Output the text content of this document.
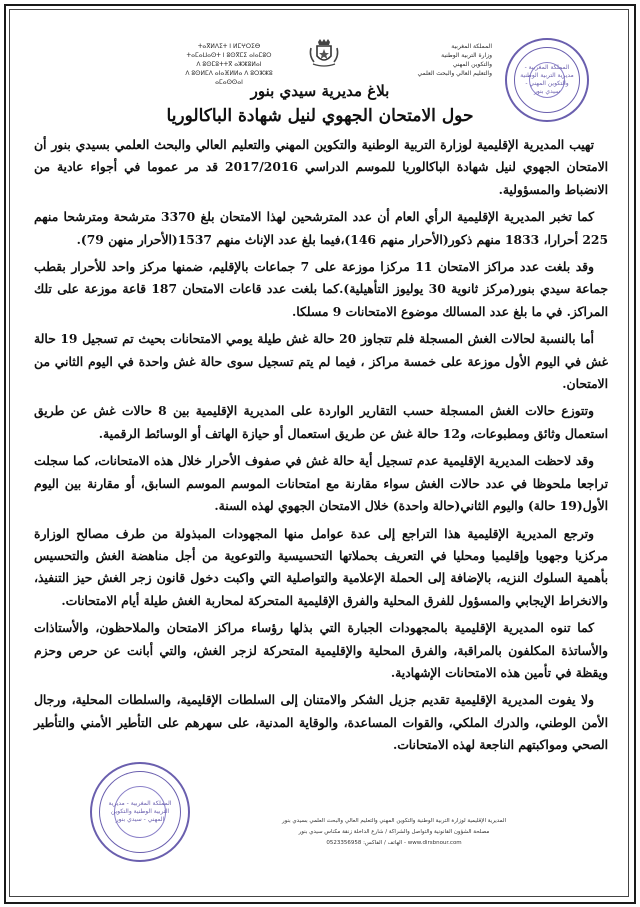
ⵜⴰⴳⵍⴷⵉⵜ ⵏ ⵍⵎⵖⵔⵉⴱ
ⵜⴰⵎⴰⵡⴰⵙⵜ ⵏ ⵓⵙⴳⵎⵉ ⴰⵏⴰⵎⵓⵔ
ⴷ ⵓⵙⵎⵓⵜⵜⴳ ⴰⵣⵣⵓⵍⴰⵏ
ⴷ ⵓⵙⵍⵎⴷ ⴰⵏⴰⴼⵍⵍⴰ ⴷ ⵓⵔⵣⵣⵓ ⴰⵎⴰⵙⵙⴰⵏ
المملكة المغربية
وزارة التربية الوطنية
والتكوين المهني
والتعليم العالي والبحث العلمي
المملكة المغربية - مديرية التربية الوطنية والتكوين المهني - سيدي بنور
بلاغ مديرية سيدي بنور
حول الامتحان الجهوي لنيل شهادة الباكالوريا

تهيب المديرية الإقليمية لوزارة التربية الوطنية والتكوين المهني والتعليم العالي والبحث العلمي بسيدي بنور أن الامتحان الجهوي لنيل شهادة الباكالوريا للموسم الدراسي 2017/2016 قد مر عموما في أجواء عادية من الانضباط والمسؤولية.

كما تخبر المديرية الإقليمية الرأي العام أن عدد المترشحين لهذا الامتحان بلغ 3370 مترشحة ومترشحا منهم 225 أحرارا، 1833 منهم ذكور(الأحرار منهم 146)،فيما بلغ عدد الإناث منهم 1537(الأحرار منهن 79).

وقد بلغت عدد مراكز الامتحان 11 مركزا موزعة على 7 جماعات بالإقليم، ضمنها مركز واحد للأحرار بقطب جماعة سيدي بنور(مركز ثانوية 30 يوليوز التأهيلية).كما بلغت عدد قاعات الامتحان 187 قاعة موزعة على تلك المراكز. في ما بلغ عدد المسالك موضوع الامتحانات 9 مسلكا.

أما بالنسبة لحالات الغش المسجلة فلم تتجاوز 20 حالة غش طيلة يومي الامتحانات بحيث تم تسجيل 19 حالة غش في اليوم الأول موزعة على خمسة مراكز ، فيما لم يتم تسجيل سوى حالة غش واحدة في اليوم الثاني من الامتحان.

وتتوزع حالات الغش المسجلة حسب التقارير الواردة على المديرية الإقليمية بين 8 حالات غش عن طريق استعمال وثائق ومطبوعات، و12 حالة غش عن طريق استعمال أو حيازة الهاتف أو الوسائط الرقمية.

وقد لاحظت المديرية الإقليمية عدم تسجيل أية حالة غش في صفوف الأحرار خلال هذه الامتحانات، كما سجلت تراجعا ملحوظا في عدد حالات الغش سواء مقارنة مع امتحانات الموسم الموسم السابق، أو مقارنة بين اليوم الأول(19 حالة) واليوم الثاني(حالة واحدة) خلال الامتحان الجهوي لهذه السنة.

وترجع المديرية الإقليمية هذا التراجع إلى عدة عوامل منها المجهودات المبذولة من طرف مصالح الوزارة مركزيا وجهويا وإقليميا ومحليا في التعريف بحملاتها التحسيسية والتوعوية من أجل مناهضة الغش والتحسيس بأهمية السلوك النزيه، بالإضافة إلى الحملة الإعلامية والتواصلية التي واكبت دخول قانون زجر الغش حيز التنفيذ، والانخراط الإيجابي والمسؤول للفرق المحلية والفرق الإقليمية المتحركة لمحاربة الغش طيلة أيام الامتحانات.

كما تنوه المديرية الإقليمية بالمجهودات الجبارة التي بذلها رؤساء مراكز الامتحان والملاحظون، والأستاذات والأساتذة المكلفون بالمراقبة، والفرق المحلية والإقليمية المتحركة لزجر الغش، والتي أبانت عن حرص وحزم ويقظة في تأمين هذه الامتحانات الإشهادية.

ولا يفوت المديرية الإقليمية تقديم جزيل الشكر والامتنان إلى السلطات الإقليمية، والسلطات المحلية، ورجال الأمن الوطني، والدرك الملكي، والقوات المساعدة، والوقاية المدنية، على سهرهم على التأطير الأمني والتأطير الصحي ومواكبتهم الناجعة لهذه الامتحانات.

المملكة المغربية - مديرية التربية الوطنية والتكوين المهني - سيدي بنور	المديرية الإقليمية لوزارة التربية الوطنية والتكوين المهني والتعليم العالي والبحث العلمي بسيدي بنور
مصلحة الشؤون القانونية والتواصل والشراكة / شارع الداخلة زنقة مكناس سيدي بنور
www.dirsbnour.com - الهاتف / الفاكس: 0523356958
